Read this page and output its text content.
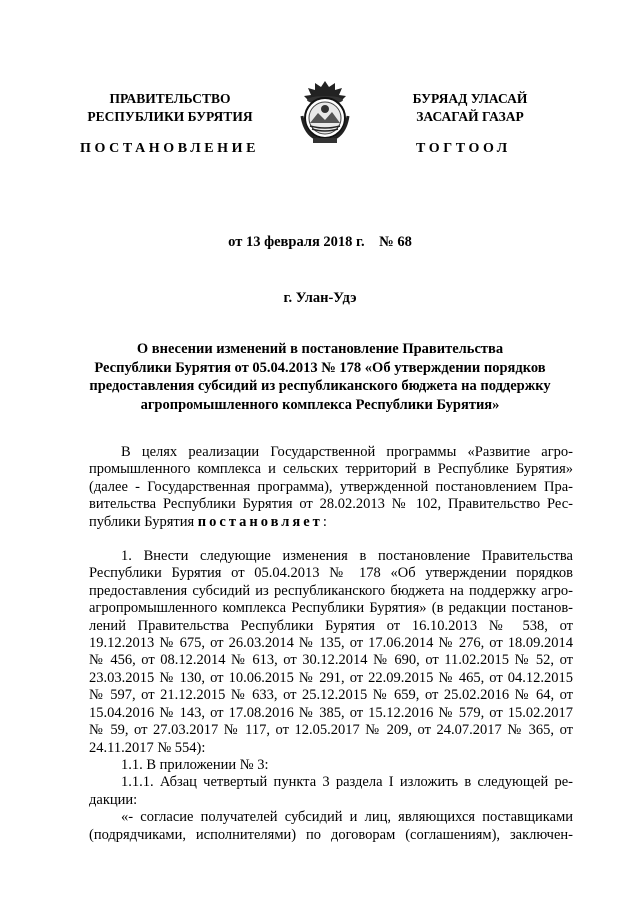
ПРАВИТЕЛЬСТВО
РЕСПУБЛИКИ БУРЯТИЯ
БУРЯАД УЛАСАЙ
ЗАСАГАЙ ГАЗАР
ПОСТАНОВЛЕНИЕ	ТОГТООЛ
от 13 февраля 2018 г.    № 68
г. Улан-Удэ
О внесении изменений в постановление Правительства
Республики Бурятия от 05.04.2013 № 178 «Об утверждении порядков
предоставления субсидий из республиканского бюджета на поддержку
агропромышленного комплекса Республики Бурятия»
В целях реализации Государственной программы «Развитие агро-
промышленного комплекса и сельских территорий в Республике Бурятия»
(далее - Государственная программа), утвержденной постановлением Пра-
вительства Республики Бурятия от 28.02.2013 № 102, Правительство Рес-
публики Бурятия постановляет:
1. Внести следующие изменения в постановление Правительства
Республики Бурятия от 05.04.2013 № 178 «Об утверждении порядков
предоставления субсидий из республиканского бюджета на поддержку агро-
агропромышленного комплекса Республики Бурятия» (в редакции постанов-
лений Правительства Республики Бурятия от 16.10.2013 № 538, от
19.12.2013 № 675, от 26.03.2014 № 135, от 17.06.2014 № 276, от 18.09.2014
№ 456, от 08.12.2014 № 613, от 30.12.2014 № 690, от 11.02.2015 № 52, от
23.03.2015 № 130, от 10.06.2015 № 291, от 22.09.2015 № 465, от 04.12.2015
№ 597, от 21.12.2015 № 633, от 25.12.2015 № 659, от 25.02.2016 № 64, от
15.04.2016 № 143, от 17.08.2016 № 385, от 15.12.2016 № 579, от 15.02.2017
№ 59, от 27.03.2017 № 117, от 12.05.2017 № 209, от 24.07.2017 № 365, от
24.11.2017 № 554):
1.1. В приложении № 3:
1.1.1. Абзац четвертый пункта 3 раздела I изложить в следующей ре-
дакции:
«- согласие получателей субсидий и лиц, являющихся поставщиками
(подрядчиками, исполнителями) по договорам (соглашениям), заключен-
